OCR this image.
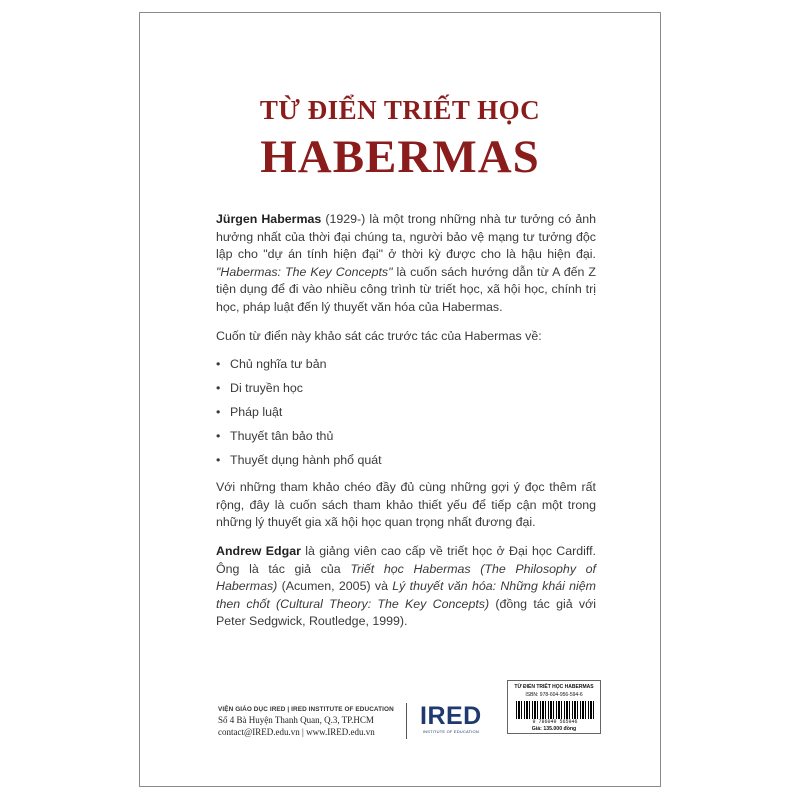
TỪ ĐIỂN TRIẾT HỌC
HABERMAS

Jürgen Habermas (1929-) là một trong những nhà tư tưởng có ảnh hưởng nhất của thời đại chúng ta, người bảo vệ mạng tư tưởng độc lập cho "dự án tính hiện đại" ở thời kỳ được cho là hậu hiện đại. "Habermas: The Key Concepts" là cuốn sách hướng dẫn từ A đến Z tiện dụng để đi vào nhiều công trình từ triết học, xã hội học, chính trị học, pháp luật đến lý thuyết văn hóa của Habermas.

Cuốn từ điển này khảo sát các trước tác của Habermas về:

• Chủ nghĩa tư bản
• Di truyền học
• Pháp luật
• Thuyết tân bảo thủ
• Thuyết dụng hành phổ quát

Với những tham khảo chéo đầy đủ cùng những gợi ý đọc thêm rất rộng, đây là cuốn sách tham khảo thiết yếu để tiếp cận một trong những lý thuyết gia xã hội học quan trọng nhất đương đại.

Andrew Edgar là giảng viên cao cấp về triết học ở Đại học Cardiff. Ông là tác giả của Triết học Habermas (The Philosophy of Habermas) (Acumen, 2005) và Lý thuyết văn hóa: Những khái niệm then chốt (Cultural Theory: The Key Concepts) (đồng tác giả với Peter Sedgwick, Routledge, 1999).

VIỆN GIÁO DỤC IRED | IRED INSTITUTE OF EDUCATION
Số 4 Bà Huyện Thanh Quan, Q.3, TP.HCM
contact@IRED.edu.vn | www.IRED.edu.vn
IRED
INSTITUTE OF EDUCATION
TỪ ĐIỂN TRIẾT HỌC HABERMAS
ISBN: 978-604-956-594-6
9 786049 565946
Giá: 135.000 đồng
